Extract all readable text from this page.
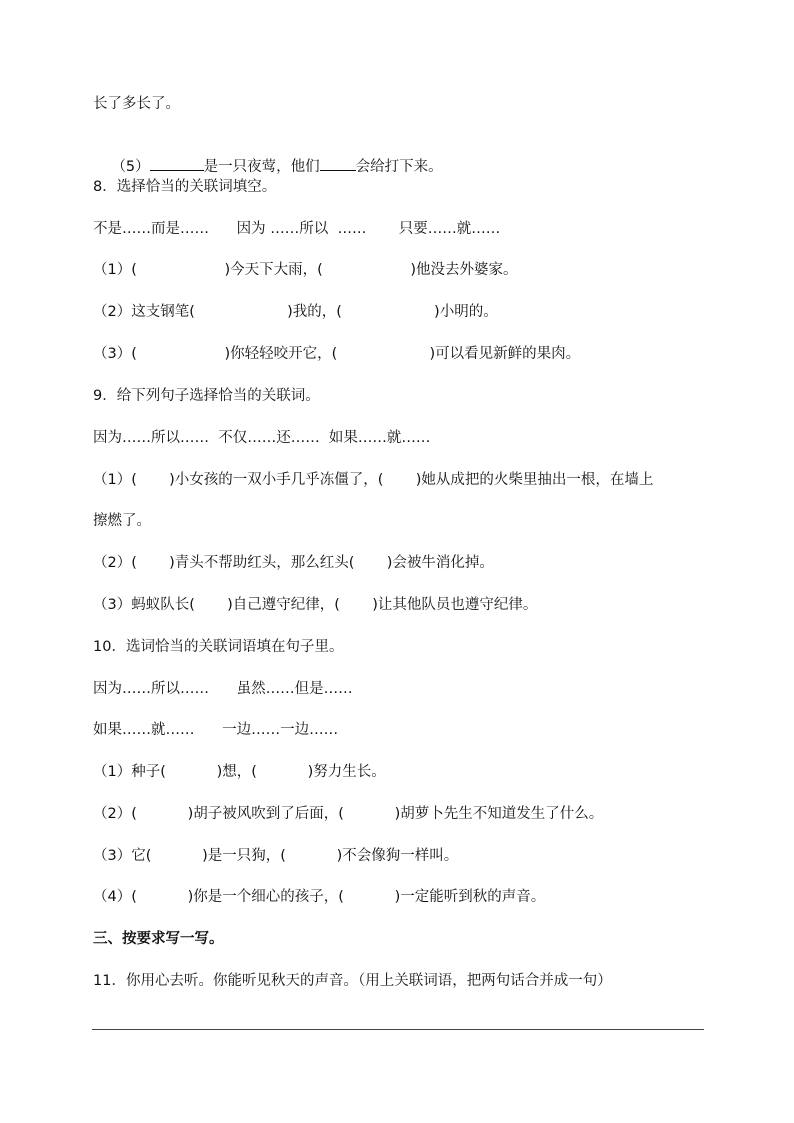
长了多长了。

（5）	是一只夜莺，他们 会给打下来。

8．选择恰当的关联词填空。
不是……而是……      因为 ……所以  ……       只要……就……
（1）(                   )今天下大雨，(                   )他没去外婆家。
（2）这支钢笔(                    )我的，(                    )小明的。
（3）(                   )你轻轻咬开它，(                    )可以看见新鲜的果肉。
9．给下列句子选择恰当的关联词。
因为……所以……  不仅……还……  如果……就……
（1）(       )小女孩的一双小手几乎冻僵了，(       )她从成把的火柴里抽出一根，在墙上
擦燃了。
（2）(       )青头不帮助红头，那么红头(       )会被牛消化掉。
（3）蚂蚁队长(       )自己遵守纪律，(       )让其他队员也遵守纪律。
10．选词恰当的关联词语填在句子里。
因为……所以……      虽然……但是……
如果……就……      一边……一边……
（1）种子(           )想，(           )努力生长。
（2）(           )胡子被风吹到了后面，(           )胡萝卜先生不知道发生了什么。
（3）它(           )是一只狗，(           )不会像狗一样叫。
（4）(           )你是一个细心的孩子，(           )一定能听到秋的声音。
三、按要求写一写。
11．你用心去听。你能听见秋天的声音。（用上关联词语，把两句话合并成一句）
